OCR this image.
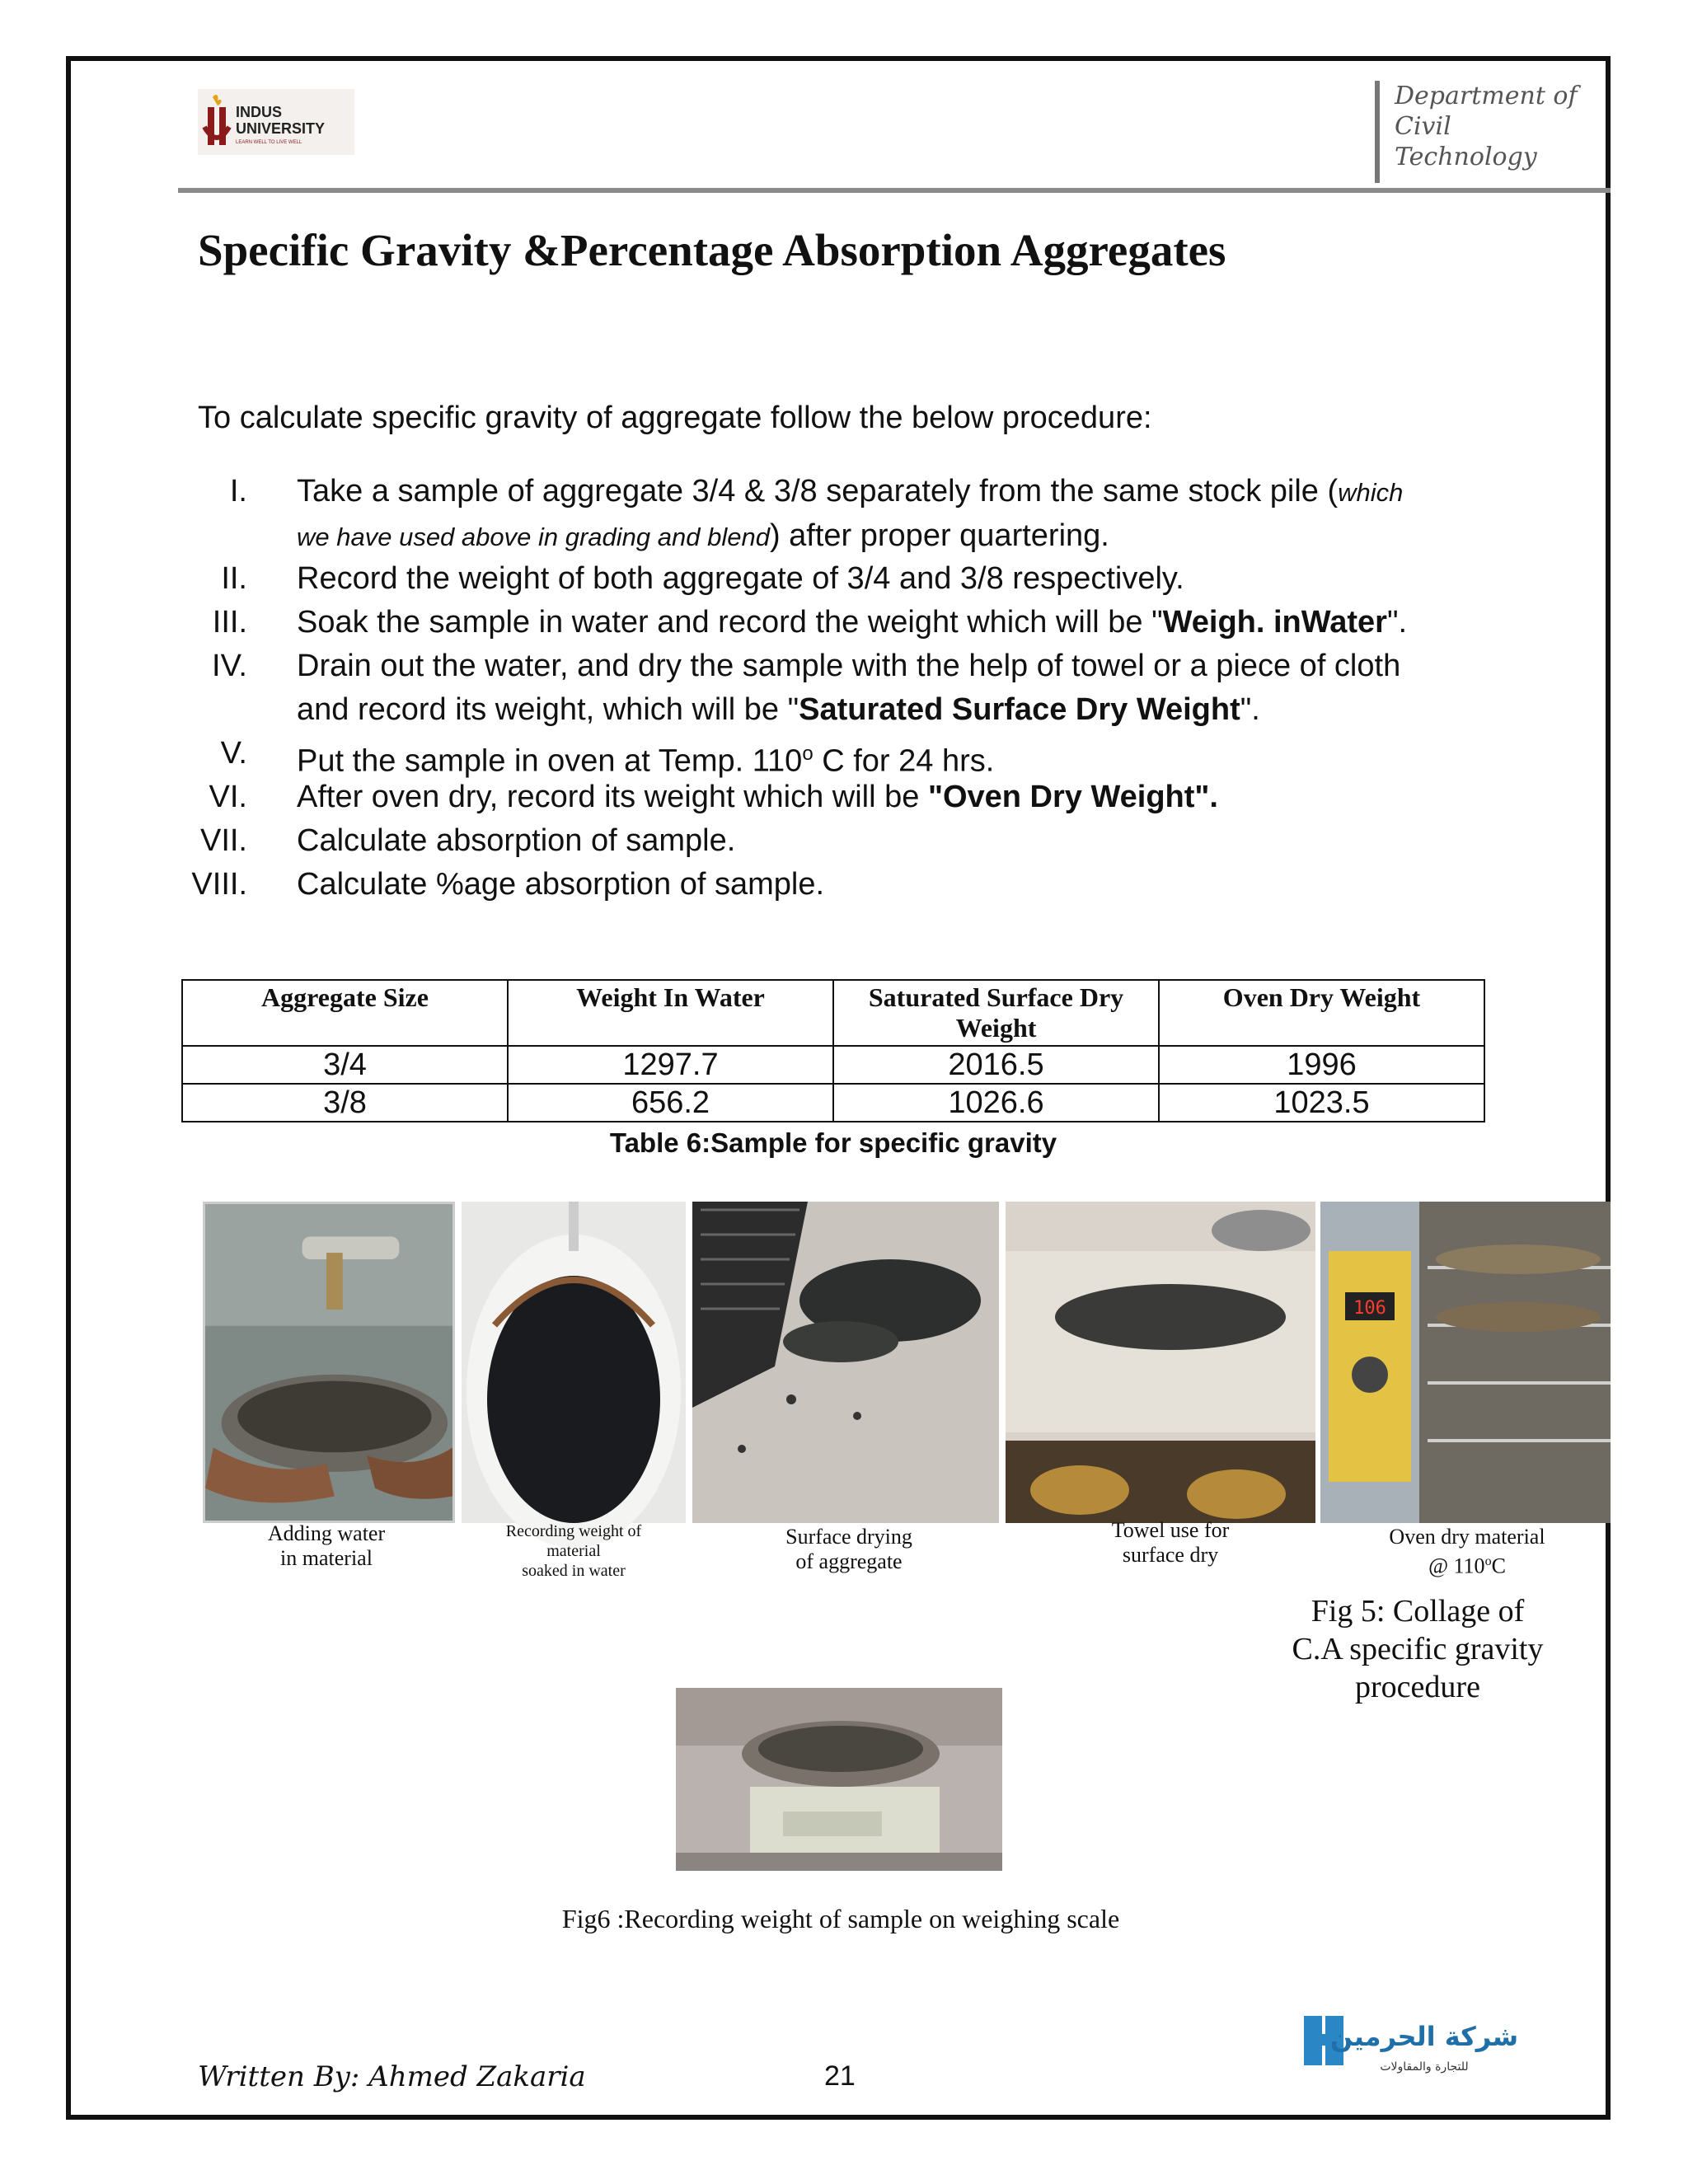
INDUS
UNIVERSITY
LEARN WELL TO LIVE WELL
Department of
Civil
Technology
Specific Gravity &Percentage Absorption Aggregates
To calculate specific gravity of aggregate follow the below procedure:
I. Take a sample of aggregate 3/4 & 3/8 separately from the same stock pile (which
we have used above in grading and blend) after proper quartering.
II. Record the weight of both aggregate of 3/4 and 3/8 respectively.
III. Soak the sample in water and record the weight which will be "Weigh. inWater".
IV. Drain out the water, and dry the sample with the help of towel or a piece of cloth
and record its weight, which will be "Saturated Surface Dry Weight".
V. Put the sample in oven at Temp. 110$^o$ C for 24 hrs.
VI. After oven dry, record its weight which will be "Oven Dry Weight".
VII. Calculate absorption of sample.
VIII. Calculate %age absorption of sample.
Aggregate Size	Weight In Water	Saturated Surface Dry Weight	Oven Dry Weight
3/4	1297.7	2016.5	1996
3/8	656.2	1026.6	1023.5
Table 6:Sample for specific gravity
106
Adding water
in material
Recording weight of
material
soaked in water
Surface drying
of aggregate
Towel use for
surface dry
Oven dry material
@ 110$^o$C
Fig 5: Collage of
C.A specific gravity
procedure
Fig6 :Recording weight of sample on weighing scale
Written By: Ahmed Zakaria	21
شركة الحرمين
للتجارة والمقاولات
